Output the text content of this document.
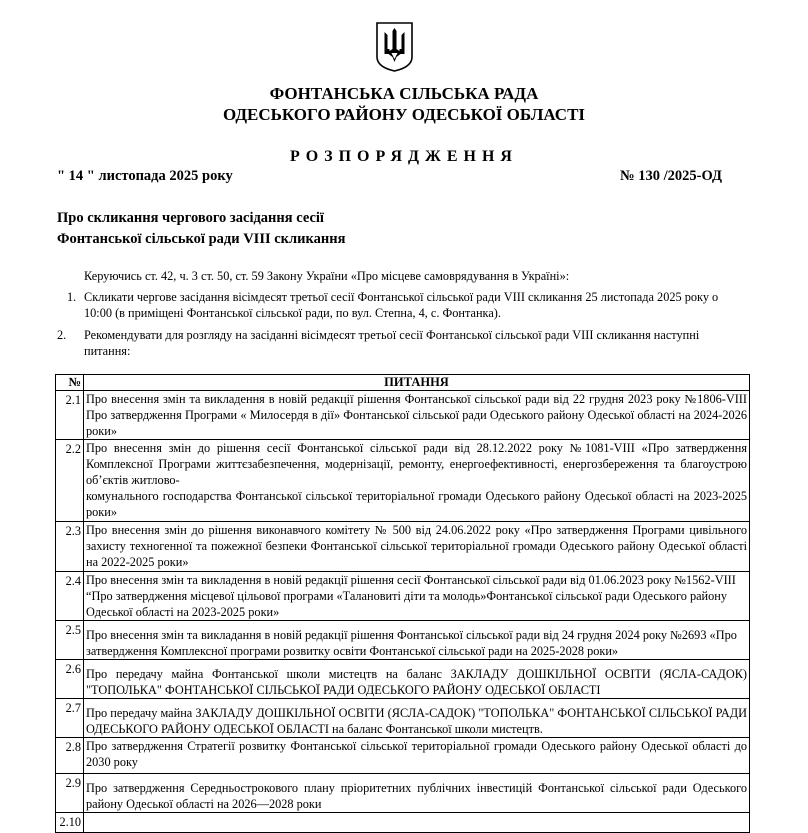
ФОНТАНСЬКА СІЛЬСЬКА РАДА
ОДЕСЬКОГО РАЙОНУ ОДЕСЬКОЇ ОБЛАСТІ
РОЗПОРЯДЖЕННЯ
" 14 " листопада 2025 року	№ 130 /2025-ОД
Про скликання чергового засідання сесії
Фонтанської сільської ради VIII скликання
Керуючись ст. 42, ч. 3 ст. 50, ст. 59 Закону України «Про місцеве самоврядування в Україні»:
1. Скликати чергове засідання вісімдесят третьої сесії Фонтанської сільської ради VIII скликання 25 листопада 2025 року о 10:00 (в приміщені Фонтанської сільської ради, по вул. Степна, 4, с. Фонтанка).
2. Рекомендувати для розгляду на засіданні вісімдесят третьої сесії Фонтанської сільської ради VIII скликання наступні питання:
№	ПИТАННЯ
2.1	Про внесення змін та викладення в новій редакції рішення Фонтанської сільської ради від 22 грудня 2023 року №1806-VIII Про затвердження Програми « Милосердя в дії» Фонтанської сільської ради Одеського району Одеської області на 2024-2026 роки»
2.2	Про внесення змін до рішення сесії Фонтанської сільської ради від 28.12.2022 року №1081-VIII «Про затвердження Комплексної Програми життєзабезпечення, модернізації, ремонту, енергоефективності, енергозбереження та благоустрою об’єктів житлово-
комунального господарства Фонтанської сільської територіальної громади Одеського району Одеської області на 2023-2025 роки»

2.3	Про внесення змін до рішення виконавчого комітету № 500 від 24.06.2022 року «Про затвердження Програми цивільного захисту техногенної та пожежної безпеки Фонтанської сільської територіальної громади Одеського району Одеської області на 2022-2025 роки»
2.4	Про внесення змін та викладення в новій редакції рішення сесії Фонтанської сільської ради від 01.06.2023 року №1562-VIII “Про затвердження місцевої цільової програми «Талановиті діти та молодь»Фонтанської сільської ради Одеського району Одеської області на 2023-2025 роки»
2.5	Про внесення змін та викладання в новій редакції рішення Фонтанської сільської ради від 24 грудня 2024 року №2693 «Про затвердження Комплексної програми розвитку освіти Фонтанської сільської ради на 2025-2028 роки»
2.6	Про передачу майна Фонтанської школи мистецтв на баланс ЗАКЛАДУ ДОШКІЛЬНОЇ ОСВІТИ (ЯСЛА-САДОК) "ТОПОЛЬКА" ФОНТАНСЬКОЇ СІЛЬСЬКОЇ РАДИ ОДЕСЬКОГО РАЙОНУ ОДЕСЬКОЇ ОБЛАСТІ
2.7	Про передачу майна ЗАКЛАДУ ДОШКІЛЬНОЇ ОСВІТИ (ЯСЛА-САДОК) "ТОПОЛЬКА" ФОНТАНСЬКОЇ СІЛЬСЬКОЇ РАДИ ОДЕСЬКОГО РАЙОНУ ОДЕСЬКОЇ ОБЛАСТІ на баланс Фонтанської школи мистецтв.
2.8	Про затвердження Стратегії розвитку Фонтанської сільської територіальної громади Одеського району Одеської області до 2030 року
2.9	Про затвердження Середньострокового плану пріоритетних публічних інвестицій Фонтанської сільської ради Одеського району Одеської області на 2026—2028 роки
2.10	
